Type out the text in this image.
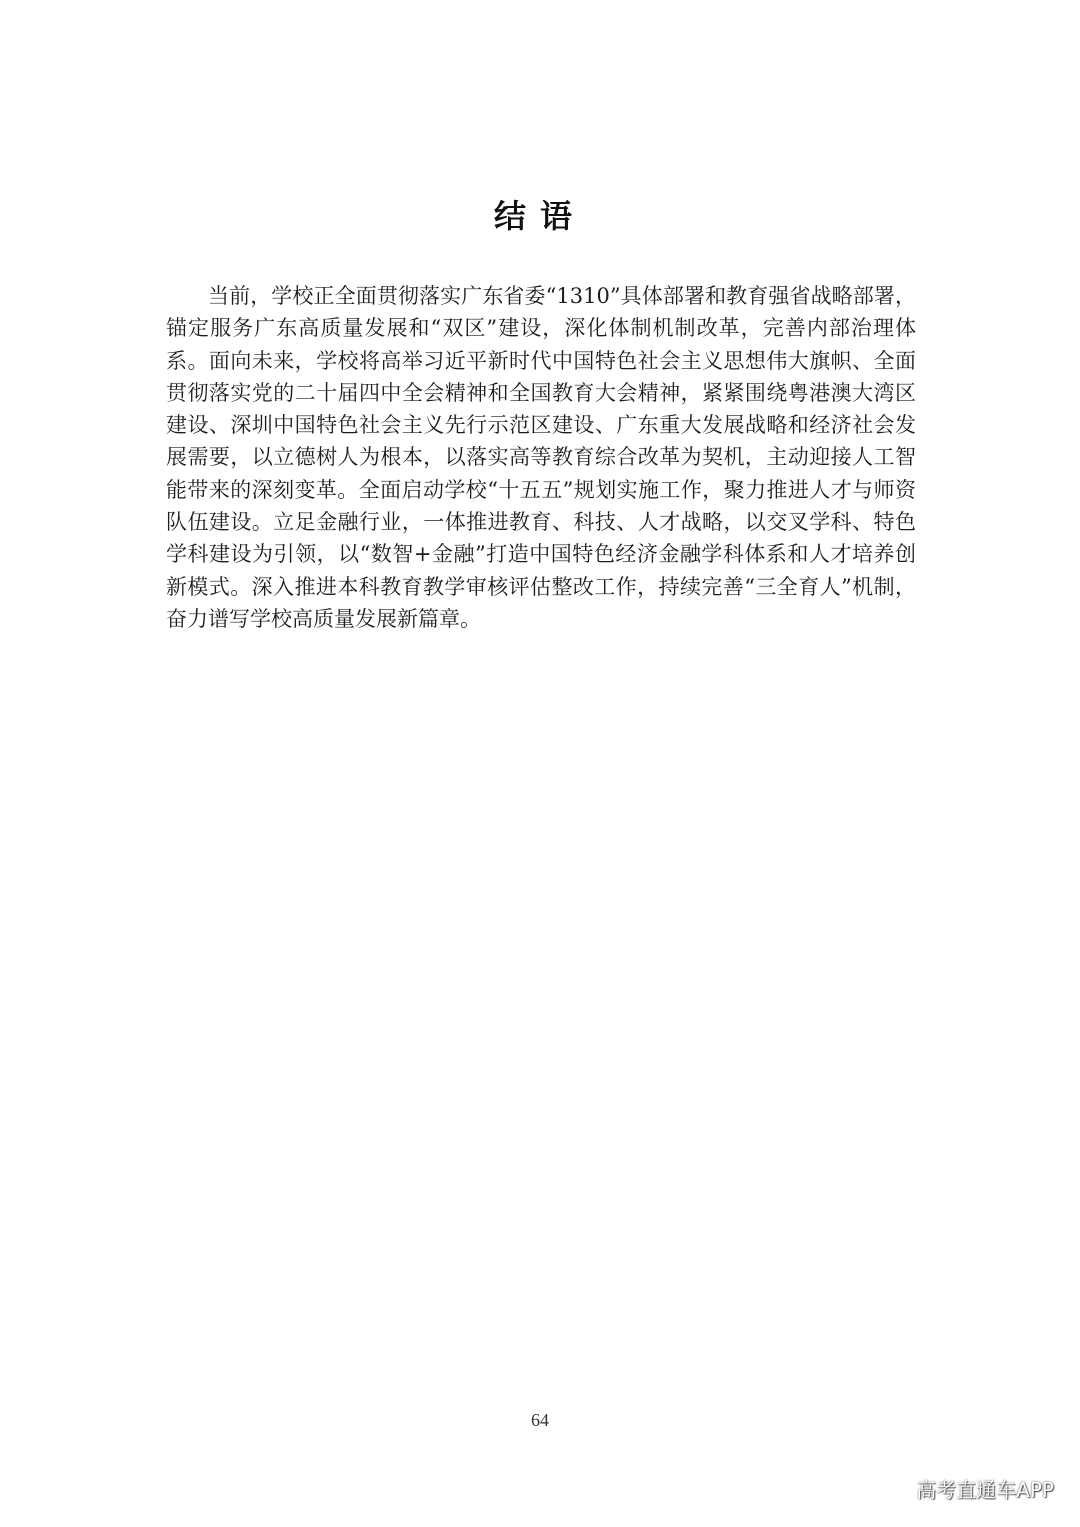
结语

当前，学校正全面贯彻落实广东省委“1310”具体部署和教育强省战略部署，锚定服务广东高质量发展和“双区”建设，深化体制机制改革，完善内部治理体系。面向未来，学校将高举习近平新时代中国特色社会主义思想伟大旗帜、全面贯彻落实党的二十届四中全会精神和全国教育大会精神，紧紧围绕粤港澳大湾区建设、深圳中国特色社会主义先行示范区建设、广东重大发展战略和经济社会发展需要，以立德树人为根本，以落实高等教育综合改革为契机，主动迎接人工智能带来的深刻变革。全面启动学校“十五五”规划实施工作，聚力推进人才与师资队伍建设。立足金融行业，一体推进教育、科技、人才战略，以交叉学科、特色学科建设为引领，以“数智+金融”打造中国特色经济金融学科体系和人才培养创新模式。深入推进本科教育教学审核评估整改工作，持续完善“三全育人”机制，奋力谱写学校高质量发展新篇章。

64
高考直通车APP
